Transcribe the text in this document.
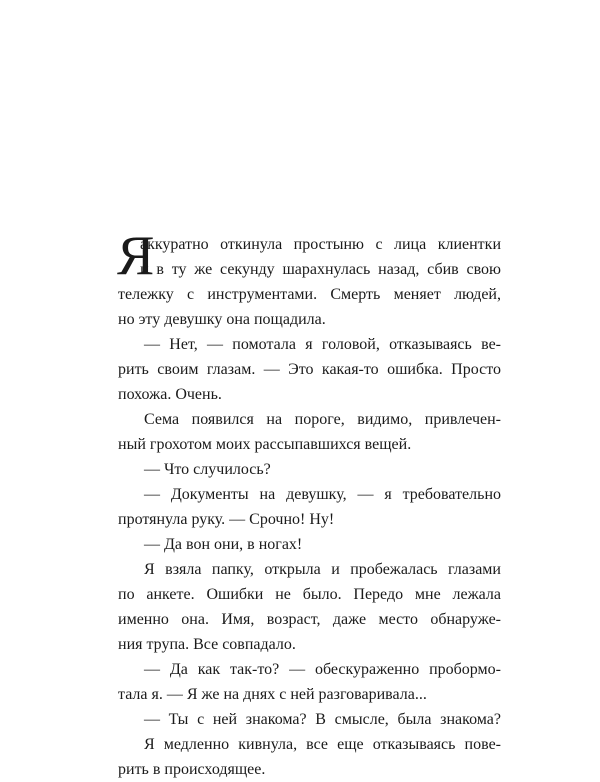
Я
аккуратно откинула простыню с лица клиентки
и в ту же секунду шарахнулась назад, сбив свою
тележку с инструментами. Смерть меняет людей,
но эту девушку она пощадила.
— Нет, — помотала я головой, отказываясь ве-
рить своим глазам. — Это какая-то ошибка. Просто
похожа. Очень.
Сема появился на пороге, видимо, привлечен-
ный грохотом моих рассыпавшихся вещей.
— Что случилось?
— Документы на девушку, — я требовательно
протянула руку. — Срочно! Ну!
— Да вон они, в ногах!
Я взяла папку, открыла и пробежалась глазами
по анкете. Ошибки не было. Передо мне лежала
именно она. Имя, возраст, даже место обнаруже-
ния трупа. Все совпадало.
— Да как так-то? — обескураженно пробормо-
тала я. — Я же на днях с ней разговаривала...
— Ты с ней знакома? В смысле, была знакома?
Я медленно кивнула, все еще отказываясь пове-
рить в происходящее.
